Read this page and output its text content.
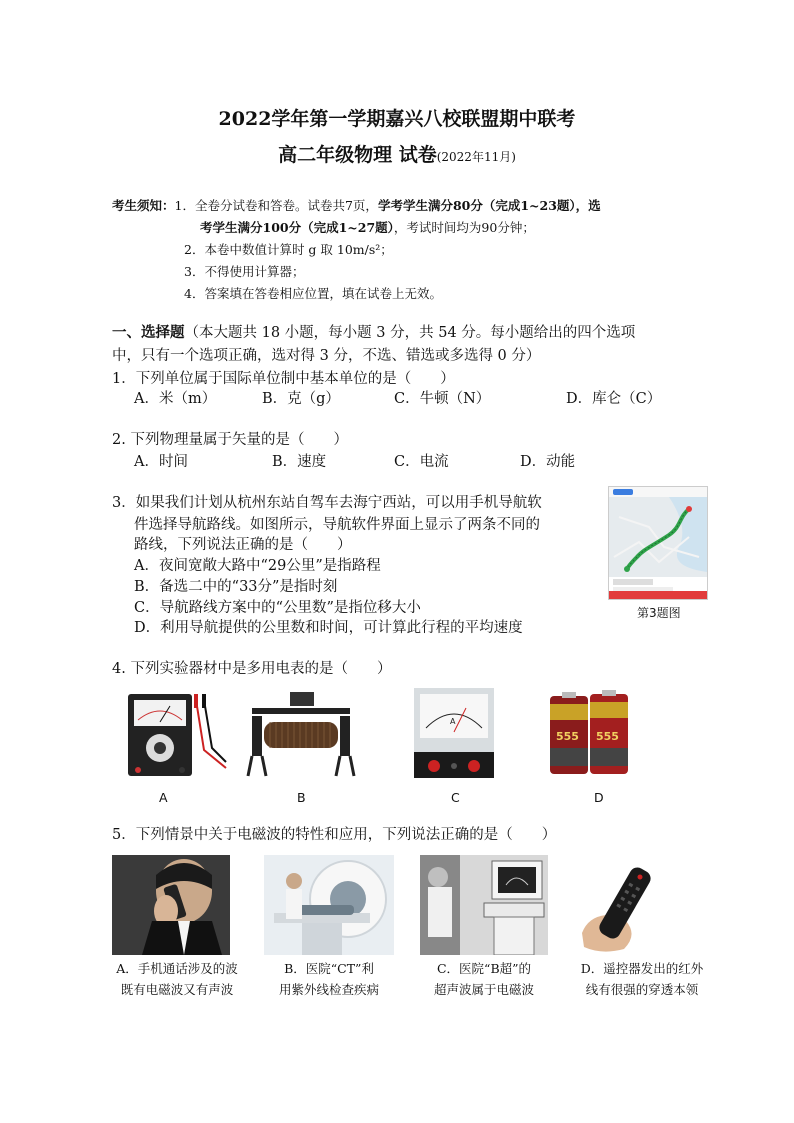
2022学年第一学期嘉兴八校联盟期中联考
高二年级物理 试卷(2022年11月)
考生须知：1．全卷分试卷和答卷。试卷共7页，学考学生满分80分（完成1~23题），选
考学生满分100分（完成1~27题），考试时间均为90分钟；
2．本卷中数值计算时 g 取 10m/s²；
3．不得使用计算器；
4．答案填在答卷相应位置，填在试卷上无效。
一、选择题（本大题共 18 小题，每小题 3 分，共 54 分。每小题给出的四个选项
中，只有一个选项正确，选对得 3 分，不选、错选或多选得 0 分）
1．下列单位属于国际单位制中基本单位的是（　　）
A．米（m）	B．克（g）	C．牛顿（N）	D．库仑（C）
2. 下列物理量属于矢量的是（　　）
A．时间	B．速度	C．电流	D．动能
3．如果我们计划从杭州东站自驾车去海宁西站，可以用手机导航软
件选择导航路线。如图所示，导航软件界面上显示了两条不同的
路线，下列说法正确的是（　　）
A．夜间宽敞大路中“29公里”是指路程
B．备选二中的“33分”是指时刻
C．导航路线方案中的“公里数”是指位移大小
D．利用导航提供的公里数和时间，可计算此行程的平均速度
第3题图
4. 下列实验器材中是多用电表的是（　　）
A
555 555
A	B	C	D
5．下列情景中关于电磁波的特性和应用，下列说法正确的是（　　）
A．手机通话涉及的波
既有电磁波又有声波
B．医院“CT”利
用紫外线检查疾病
C．医院“B超”的
超声波属于电磁波
D．遥控器发出的红外
线有很强的穿透本领
